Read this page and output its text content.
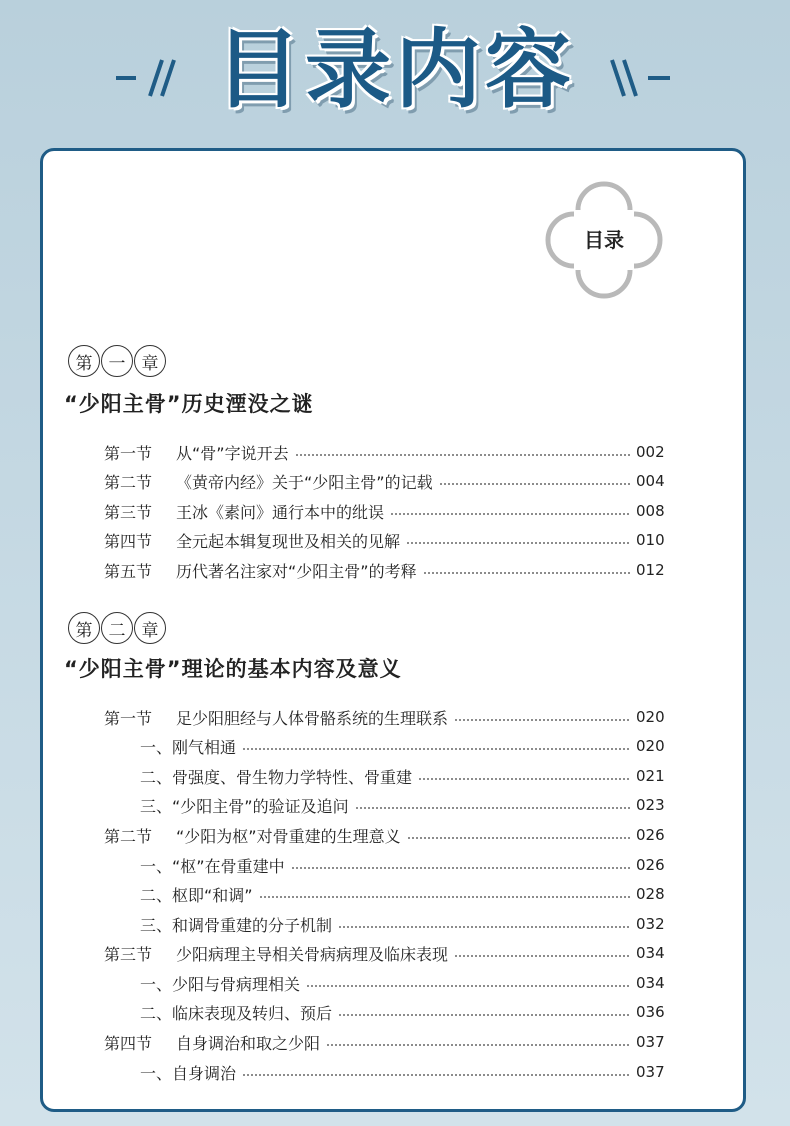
目录内容
目录
第 一 章
“少阳主骨”历史湮没之谜
第一节	从“骨”字说开去	002
第二节	《黄帝内经》关于“少阳主骨”的记载	004
第三节	王冰《素问》通行本中的纰误	008
第四节	全元起本辑复现世及相关的见解	010
第五节	历代著名注家对“少阳主骨”的考释	012
第 二 章
“少阳主骨”理论的基本内容及意义
第一节	足少阳胆经与人体骨骼系统的生理联系	020
一、刚气相通	020
二、骨强度、骨生物力学特性、骨重建	021
三、“少阳主骨”的验证及追问	023
第二节	“少阳为枢”对骨重建的生理意义	026
一、“枢”在骨重建中	026
二、枢即“和调”	028
三、和调骨重建的分子机制	032
第三节	少阳病理主导相关骨病病理及临床表现	034
一、少阳与骨病理相关	034
二、临床表现及转归、预后	036
第四节	自身调治和取之少阳	037
一、自身调治	037
